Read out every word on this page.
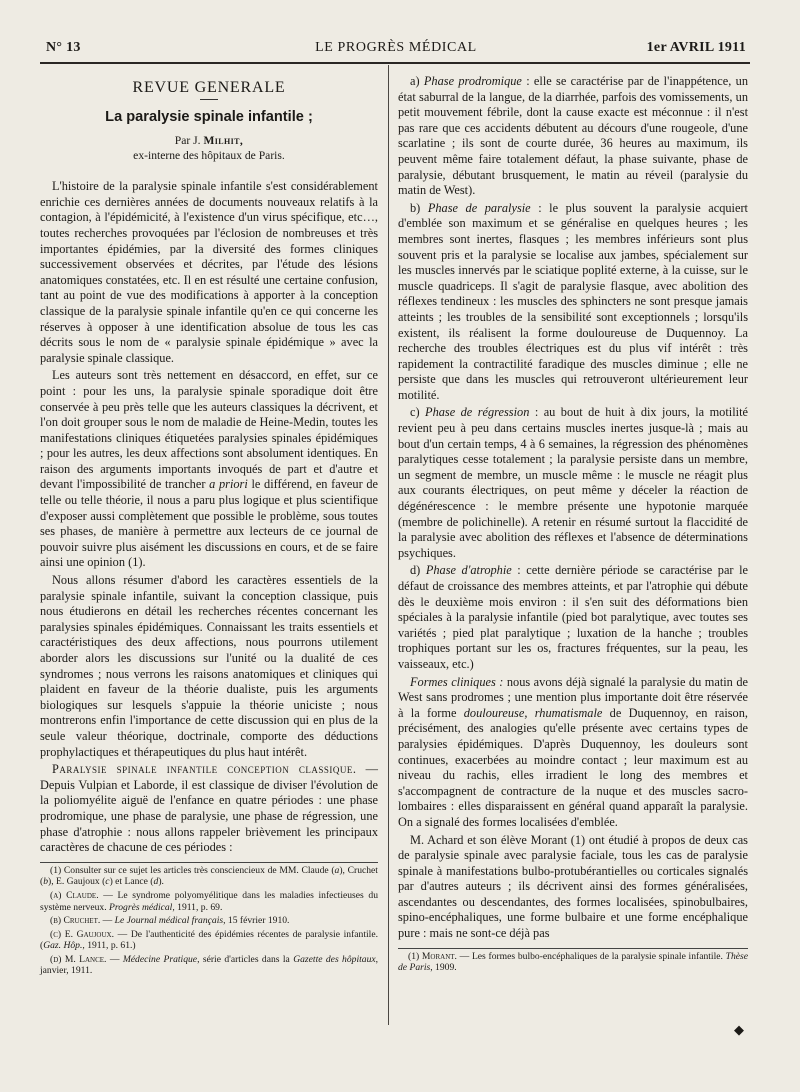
N° 13	LE PROGRÈS MÉDICAL	1er AVRIL 1911
REVUE GENERALE
La paralysie spinale infantile ;
Par J. Milhit,
ex-interne des hôpitaux de Paris.

L'histoire de la paralysie spinale infantile s'est considérablement enrichie ces dernières années de documents nouveaux relatifs à la contagion, à l'épidémicité, à l'existence d'un virus spécifique, etc…, toutes recherches provoquées par l'éclosion de nombreuses et très importantes épidémies, par la diversité des formes cliniques successivement observées et décrites, par l'étude des lésions anatomiques constatées, etc. Il en est résulté une certaine confusion, tant au point de vue des modifications à apporter à la conception classique de la paralysie spinale infantile qu'en ce qui concerne les réserves à opposer à une identification absolue de tous les cas décrits sous le nom de « paralysie spinale épidémique » avec la paralysie spinale classique.

Les auteurs sont très nettement en désaccord, en effet, sur ce point : pour les uns, la paralysie spinale sporadique doit être conservée à peu près telle que les auteurs classiques la décrivent, et l'on doit grouper sous le nom de maladie de Heine-Medin, toutes les manifestations cliniques étiquetées paralysies spinales épidémiques ; pour les autres, les deux affections sont absolument identiques. En raison des arguments importants invoqués de part et d'autre et devant l'impossibilité de trancher a priori le différend, en faveur de telle ou telle théorie, il nous a paru plus logique et plus scientifique d'exposer aussi complètement que possible le problème, sous toutes ses phases, de manière à permettre aux lecteurs de ce journal de pouvoir suivre plus aisément les discussions en cours, et de se faire ainsi une opinion (1).

Nous allons résumer d'abord les caractères essentiels de la paralysie spinale infantile, suivant la conception classique, puis nous étudierons en détail les recherches récentes concernant les paralysies spinales épidémiques. Connaissant les traits essentiels et caractéristiques des deux affections, nous pourrons utilement aborder alors les discussions sur l'unité ou la dualité de ces syndromes ; nous verrons les raisons anatomiques et cliniques qui plaident en faveur de la théorie dualiste, puis les arguments biologiques sur lesquels s'appuie la théorie uniciste ; nous montrerons enfin l'importance de cette discussion qui en plus de la seule valeur théorique, doctrinale, comporte des déductions prophylactiques et thérapeutiques du plus haut intérêt.

Paralysie spinale infantile conception classique. — Depuis Vulpian et Laborde, il est classique de diviser l'évolution de la poliomyélite aiguë de l'enfance en quatre périodes : une phase prodromique, une phase de paralysie, une phase de régression, une phase d'atrophie : nous allons rappeler brièvement les principaux caractères de chacune de ces périodes :

(1) Consulter sur ce sujet les articles très consciencieux de MM. Claude (a), Cruchet (b), E. Gaujoux (c) et Lance (d).

(a) Claude. — Le syndrome polyomyélitique dans les maladies infectieuses du système nerveux. Progrès médical, 1911, p. 69.

(b) Cruchet. — Le Journal médical français, 15 février 1910.

(c) E. Gaujoux. — De l'authenticité des épidémies récentes de paralysie infantile. (Gaz. Hôp., 1911, p. 61.)

(d) M. Lance. — Médecine Pratique, série d'articles dans la Gazette des hôpitaux, janvier, 1911.

a) Phase prodromique : elle se caractérise par de l'inappétence, un état saburral de la langue, de la diarrhée, parfois des vomissements, un petit mouvement fébrile, dont la cause exacte est méconnue : il n'est pas rare que ces accidents débutent au décours d'une rougeole, d'une scarlatine ; ils sont de courte durée, 36 heures au maximum, ils peuvent même faire totalement défaut, la phase suivante, phase de paralysie, débutant brusquement, le matin au réveil (paralysie du matin de West).

b) Phase de paralysie : le plus souvent la paralysie acquiert d'emblée son maximum et se généralise en quelques heures ; les membres sont inertes, flasques ; les membres inférieurs sont plus souvent pris et la paralysie se localise aux jambes, spécialement sur les muscles innervés par le sciatique poplité externe, à la cuisse, sur le muscle quadriceps. Il s'agit de paralysie flasque, avec abolition des réflexes tendineux : les muscles des sphincters ne sont presque jamais atteints ; les troubles de la sensibilité sont exceptionnels ; lorsqu'ils existent, ils réalisent la forme douloureuse de Duquennoy. La recherche des troubles électriques est du plus vif intérêt : très rapidement la contractilité faradique des muscles diminue ; elle ne persiste que dans les muscles qui retrouveront ultérieurement leur motilité.

c) Phase de régression : au bout de huit à dix jours, la motilité revient peu à peu dans certains muscles inertes jusque-là ; mais au bout d'un certain temps, 4 à 6 semaines, la régression des phénomènes paralytiques cesse totalement ; la paralysie persiste dans un membre, un segment de membre, un muscle même : le muscle ne réagit plus aux courants électriques, on peut même y déceler la réaction de dégénérescence : le membre présente une hypotonie marquée (membre de polichinelle). A retenir en résumé surtout la flaccidité de la paralysie avec abolition des réflexes et l'absence de déterminations psychiques.

d) Phase d'atrophie : cette dernière période se caractérise par le défaut de croissance des membres atteints, et par l'atrophie qui débute dès le deuxième mois environ : il s'en suit des déformations bien spéciales à la paralysie infantile (pied bot paralytique, avec toutes ses variétés ; pied plat paralytique ; luxation de la hanche ; troubles trophiques portant sur les os, fractures fréquentes, sur la peau, les vaisseaux, etc.)

Formes cliniques : nous avons déjà signalé la paralysie du matin de West sans prodromes ; une mention plus importante doit être réservée à la forme douloureuse, rhumatismale de Duquennoy, en raison, précisément, des analogies qu'elle présente avec certains types de paralysies épidémiques. D'après Duquennoy, les douleurs sont continues, exacerbées au moindre contact ; leur maximum est au niveau du rachis, elles irradient le long des membres et s'accompagnent de contracture de la nuque et des muscles sacro-lombaires : elles disparaissent en général quand apparaît la paralysie. On a signalé des formes localisées d'emblée.

M. Achard et son élève Morant (1) ont étudié à propos de deux cas de paralysie spinale avec paralysie faciale, tous les cas de paralysie spinale à manifestations bulbo-protubérantielles ou corticales signalés par d'autres auteurs ; ils décrivent ainsi des formes généralisées, ascendantes ou descendantes, des formes localisées, spinobulbaires, spino-encéphaliques, une forme bulbaire et une forme encéphalique pure : mais ne sont-ce déjà pas

(1) Morant. — Les formes bulbo-encéphaliques de la paralysie spinale infantile. Thèse de Paris, 1909.

◆
